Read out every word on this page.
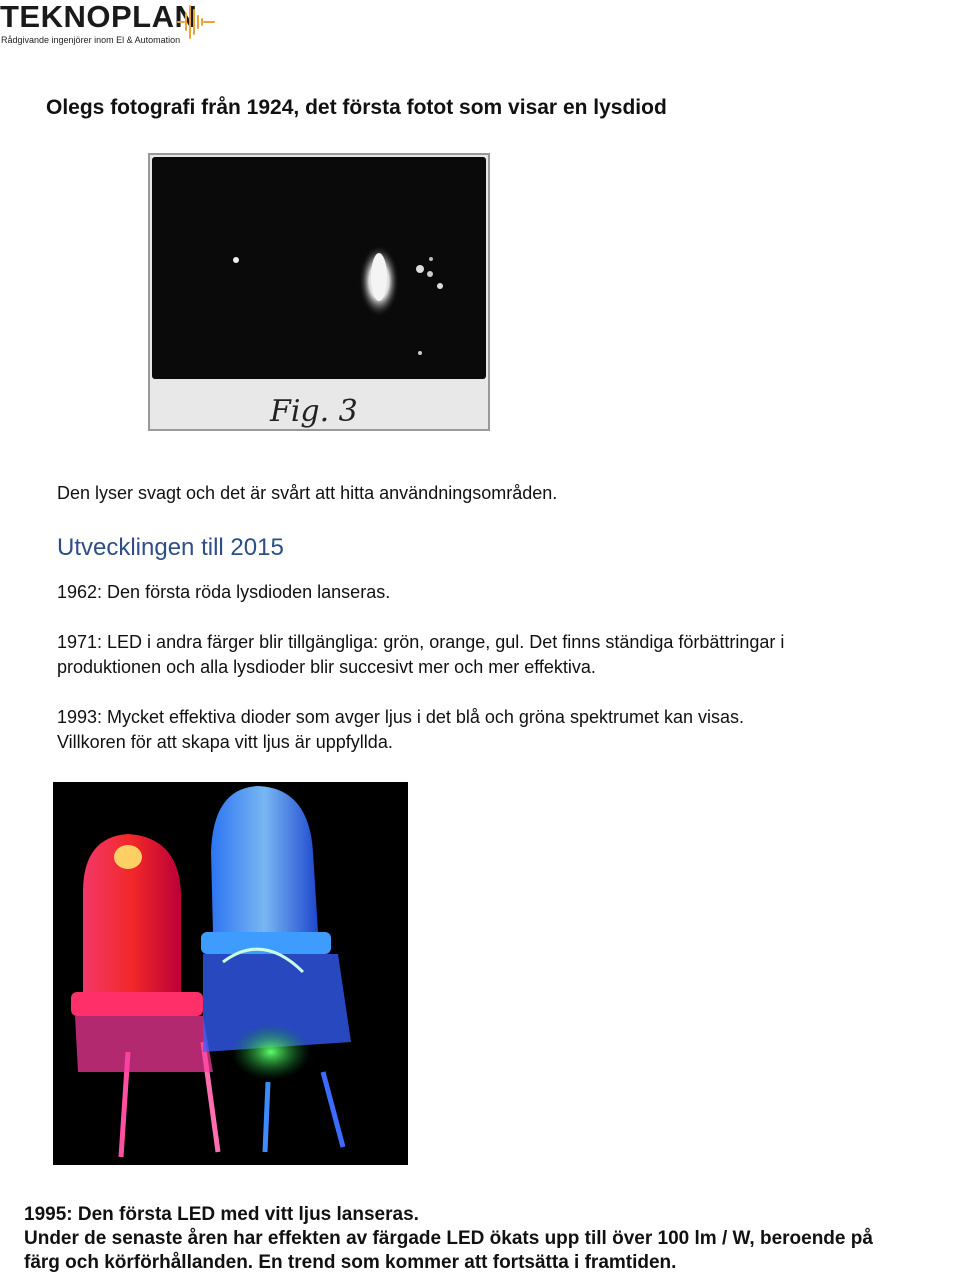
TEKNOPLAN
Rådgivande ingenjörer inom El & Automation
Olegs fotografi från 1924, det första fotot som visar en lysdiod
Fig. 3
Den lyser svagt och det är svårt att hitta användningsområden.
Utvecklingen till 2015
1962: Den första röda lysdioden lanseras.
1971: LED i andra färger blir tillgängliga: grön, orange, gul. Det finns ständiga förbättringar i
produktionen och alla lysdioder blir succesivt mer och mer effektiva.
1993: Mycket effektiva dioder som avger ljus i det blå och gröna spektrumet kan visas.
Villkoren för att skapa vitt ljus är uppfyllda.
1995: Den första LED med vitt ljus lanseras.
Under de senaste åren har effekten av färgade LED ökats upp till över 100 lm / W, beroende på
färg och körförhållanden. En trend som kommer att fortsätta i framtiden.
